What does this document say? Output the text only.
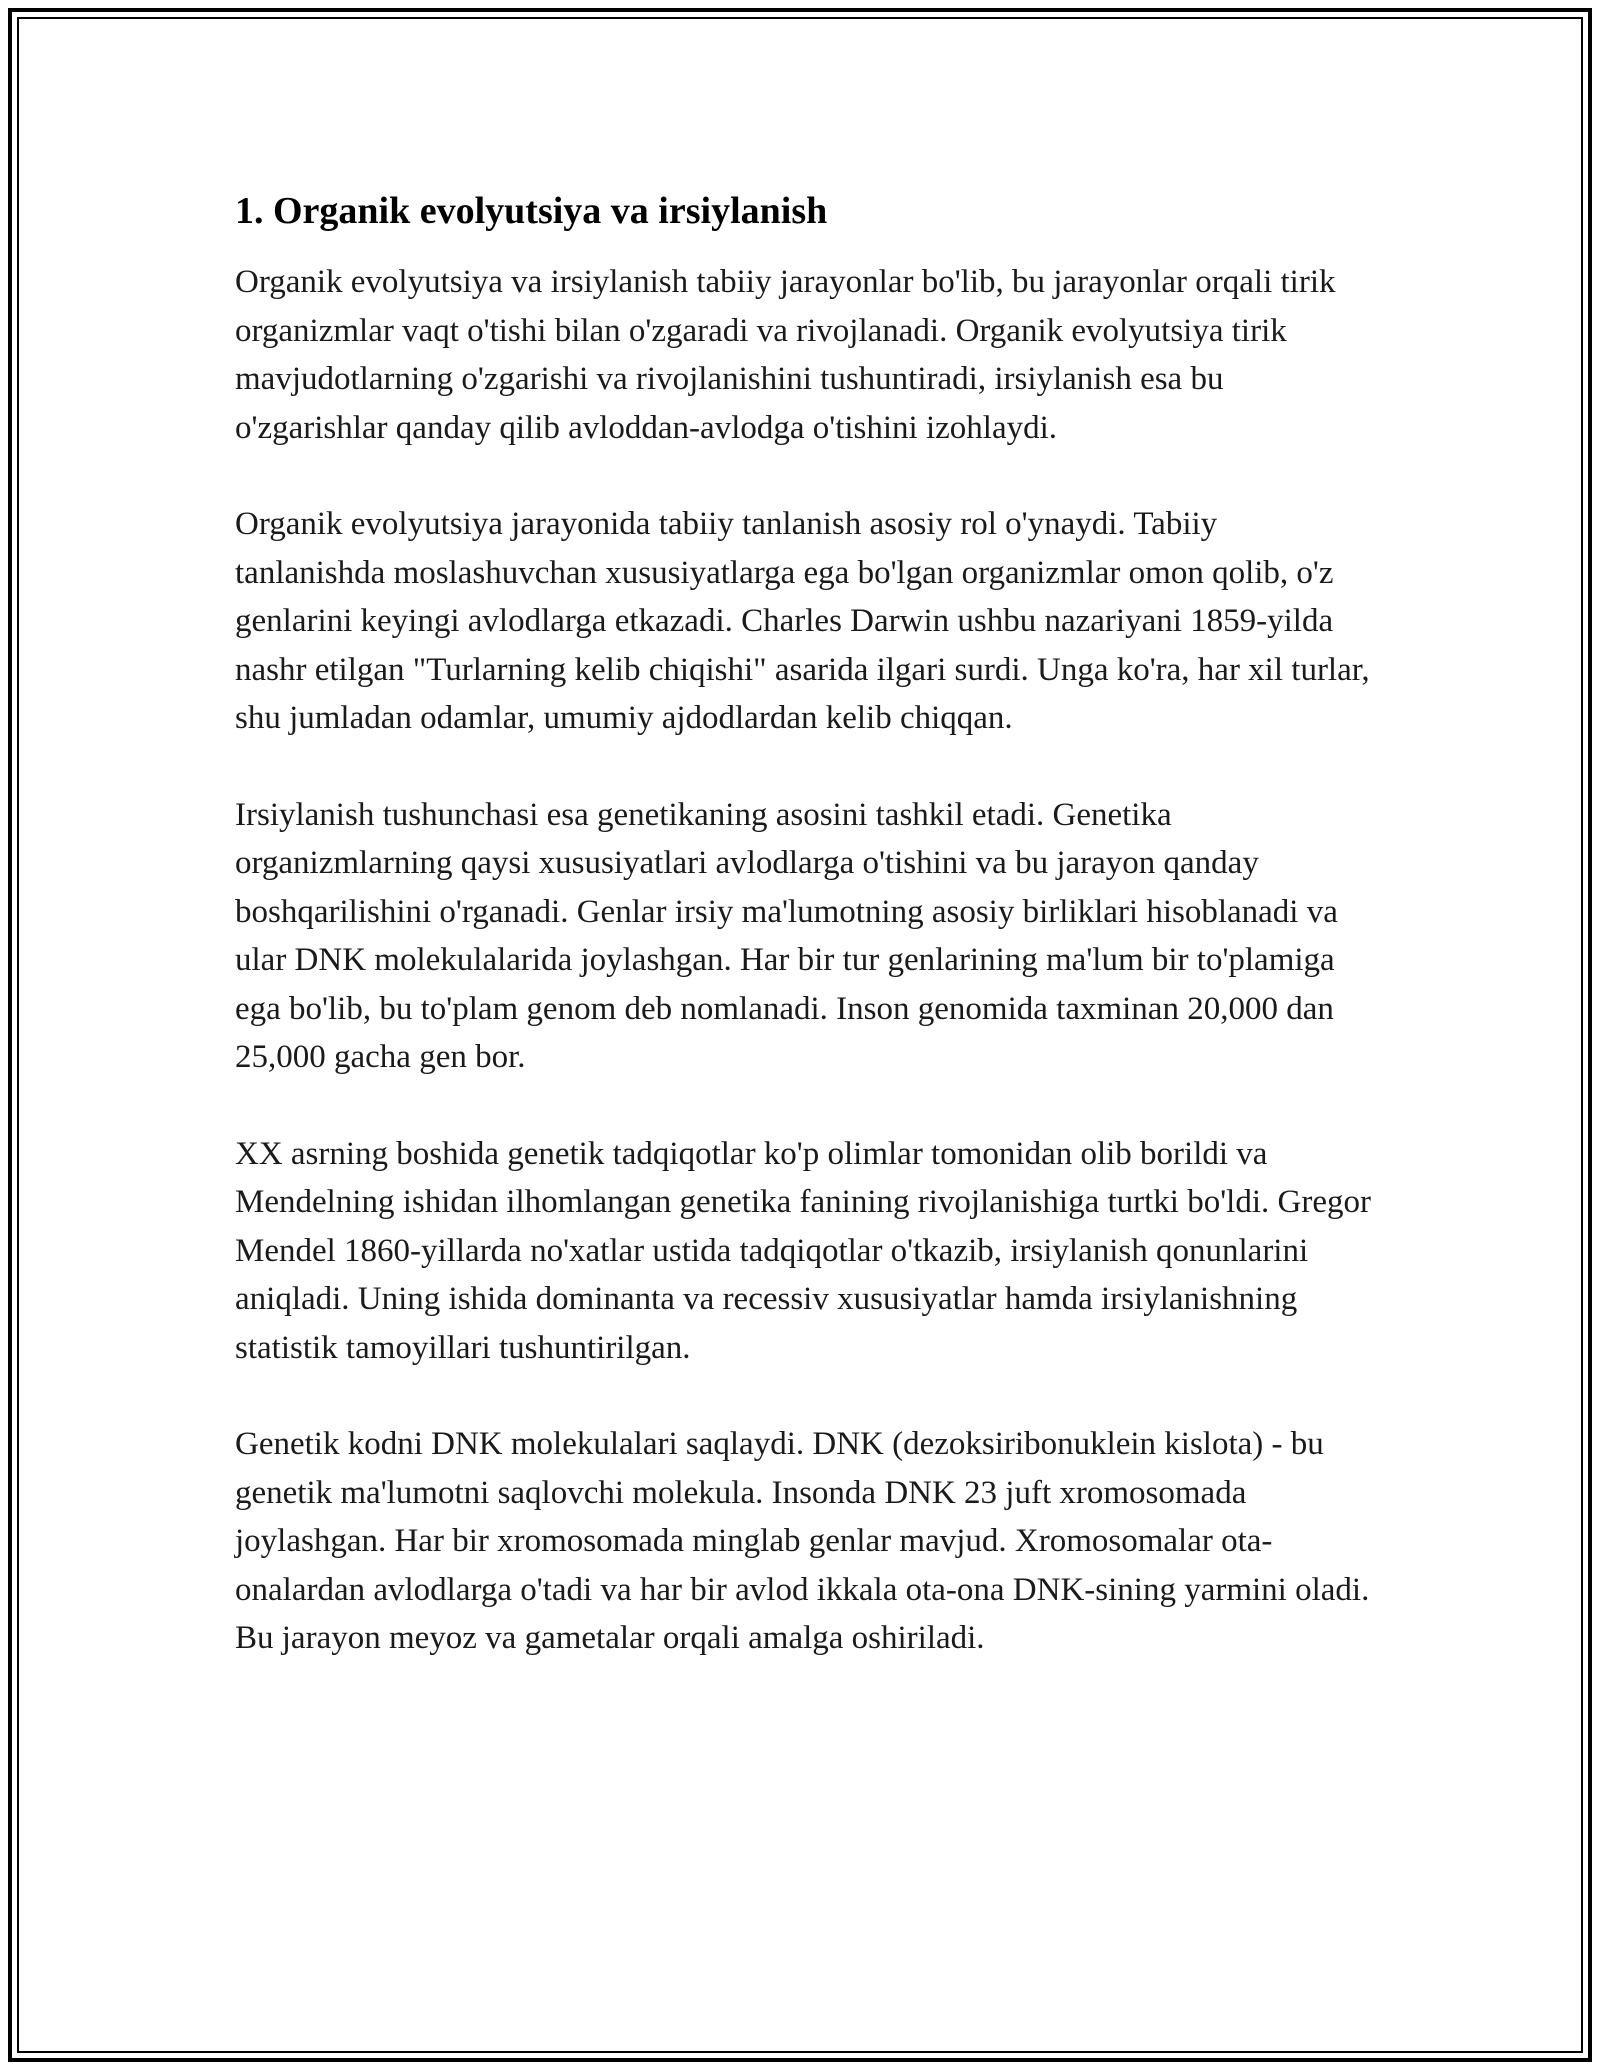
1. Organik evolyutsiya va irsiylanish

Organik evolyutsiya va irsiylanish tabiiy jarayonlar bo'lib, bu jarayonlar orqali tirik organizmlar vaqt o'tishi bilan o'zgaradi va rivojlanadi. Organik evolyutsiya tirik mavjudotlarning o'zgarishi va rivojlanishini tushuntiradi, irsiylanish esa bu o'zgarishlar qanday qilib avloddan-avlodga o'tishini izohlaydi.

Organik evolyutsiya jarayonida tabiiy tanlanish asosiy rol o'ynaydi. Tabiiy tanlanishda moslashuvchan xususiyatlarga ega bo'lgan organizmlar omon qolib, o'z genlarini keyingi avlodlarga etkazadi. Charles Darwin ushbu nazariyani 1859-yilda nashr etilgan "Turlarning kelib chiqishi" asarida ilgari surdi. Unga ko'ra, har xil turlar, shu jumladan odamlar, umumiy ajdodlardan kelib chiqqan.

Irsiylanish tushunchasi esa genetikaning asosini tashkil etadi. Genetika organizmlarning qaysi xususiyatlari avlodlarga o'tishini va bu jarayon qanday boshqarilishini o'rganadi. Genlar irsiy ma'lumotning asosiy birliklari hisoblanadi va ular DNK molekulalarida joylashgan. Har bir tur genlarining ma'lum bir to'plamiga ega bo'lib, bu to'plam genom deb nomlanadi. Inson genomida taxminan 20,000 dan 25,000 gacha gen bor.

XX asrning boshida genetik tadqiqotlar ko'p olimlar tomonidan olib borildi va Mendelning ishidan ilhomlangan genetika fanining rivojlanishiga turtki bo'ldi. Gregor Mendel 1860-yillarda no'xatlar ustida tadqiqotlar o'tkazib, irsiylanish qonunlarini aniqladi. Uning ishida dominanta va recessiv xususiyatlar hamda irsiylanishning statistik tamoyillari tushuntirilgan.

Genetik kodni DNK molekulalari saqlaydi. DNK (dezoksiribonuklein kislota) - bu genetik ma'lumotni saqlovchi molekula. Insonda DNK 23 juft xromosomada joylashgan. Har bir xromosomada minglab genlar mavjud. Xromosomalar ota-onalardan avlodlarga o'tadi va har bir avlod ikkala ota-ona DNK-sining yarmini oladi. Bu jarayon meyoz va gametalar orqali amalga oshiriladi.
